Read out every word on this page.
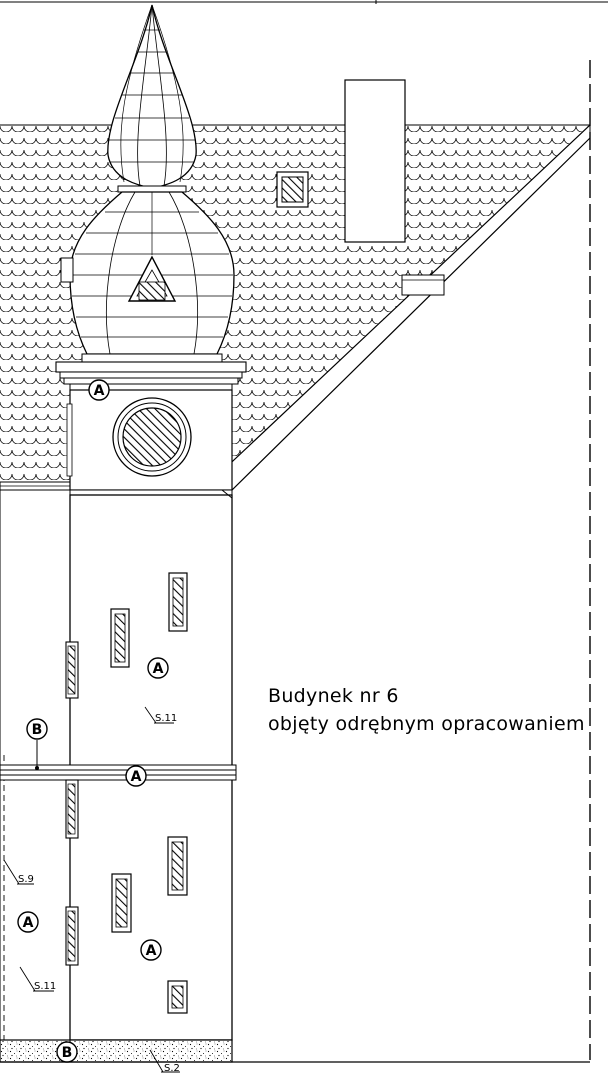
A
A
A
A
A
B
B
S.11
S.9
S.11
S.2
Budynek nr 6
objęty odrębnym opracowaniem
